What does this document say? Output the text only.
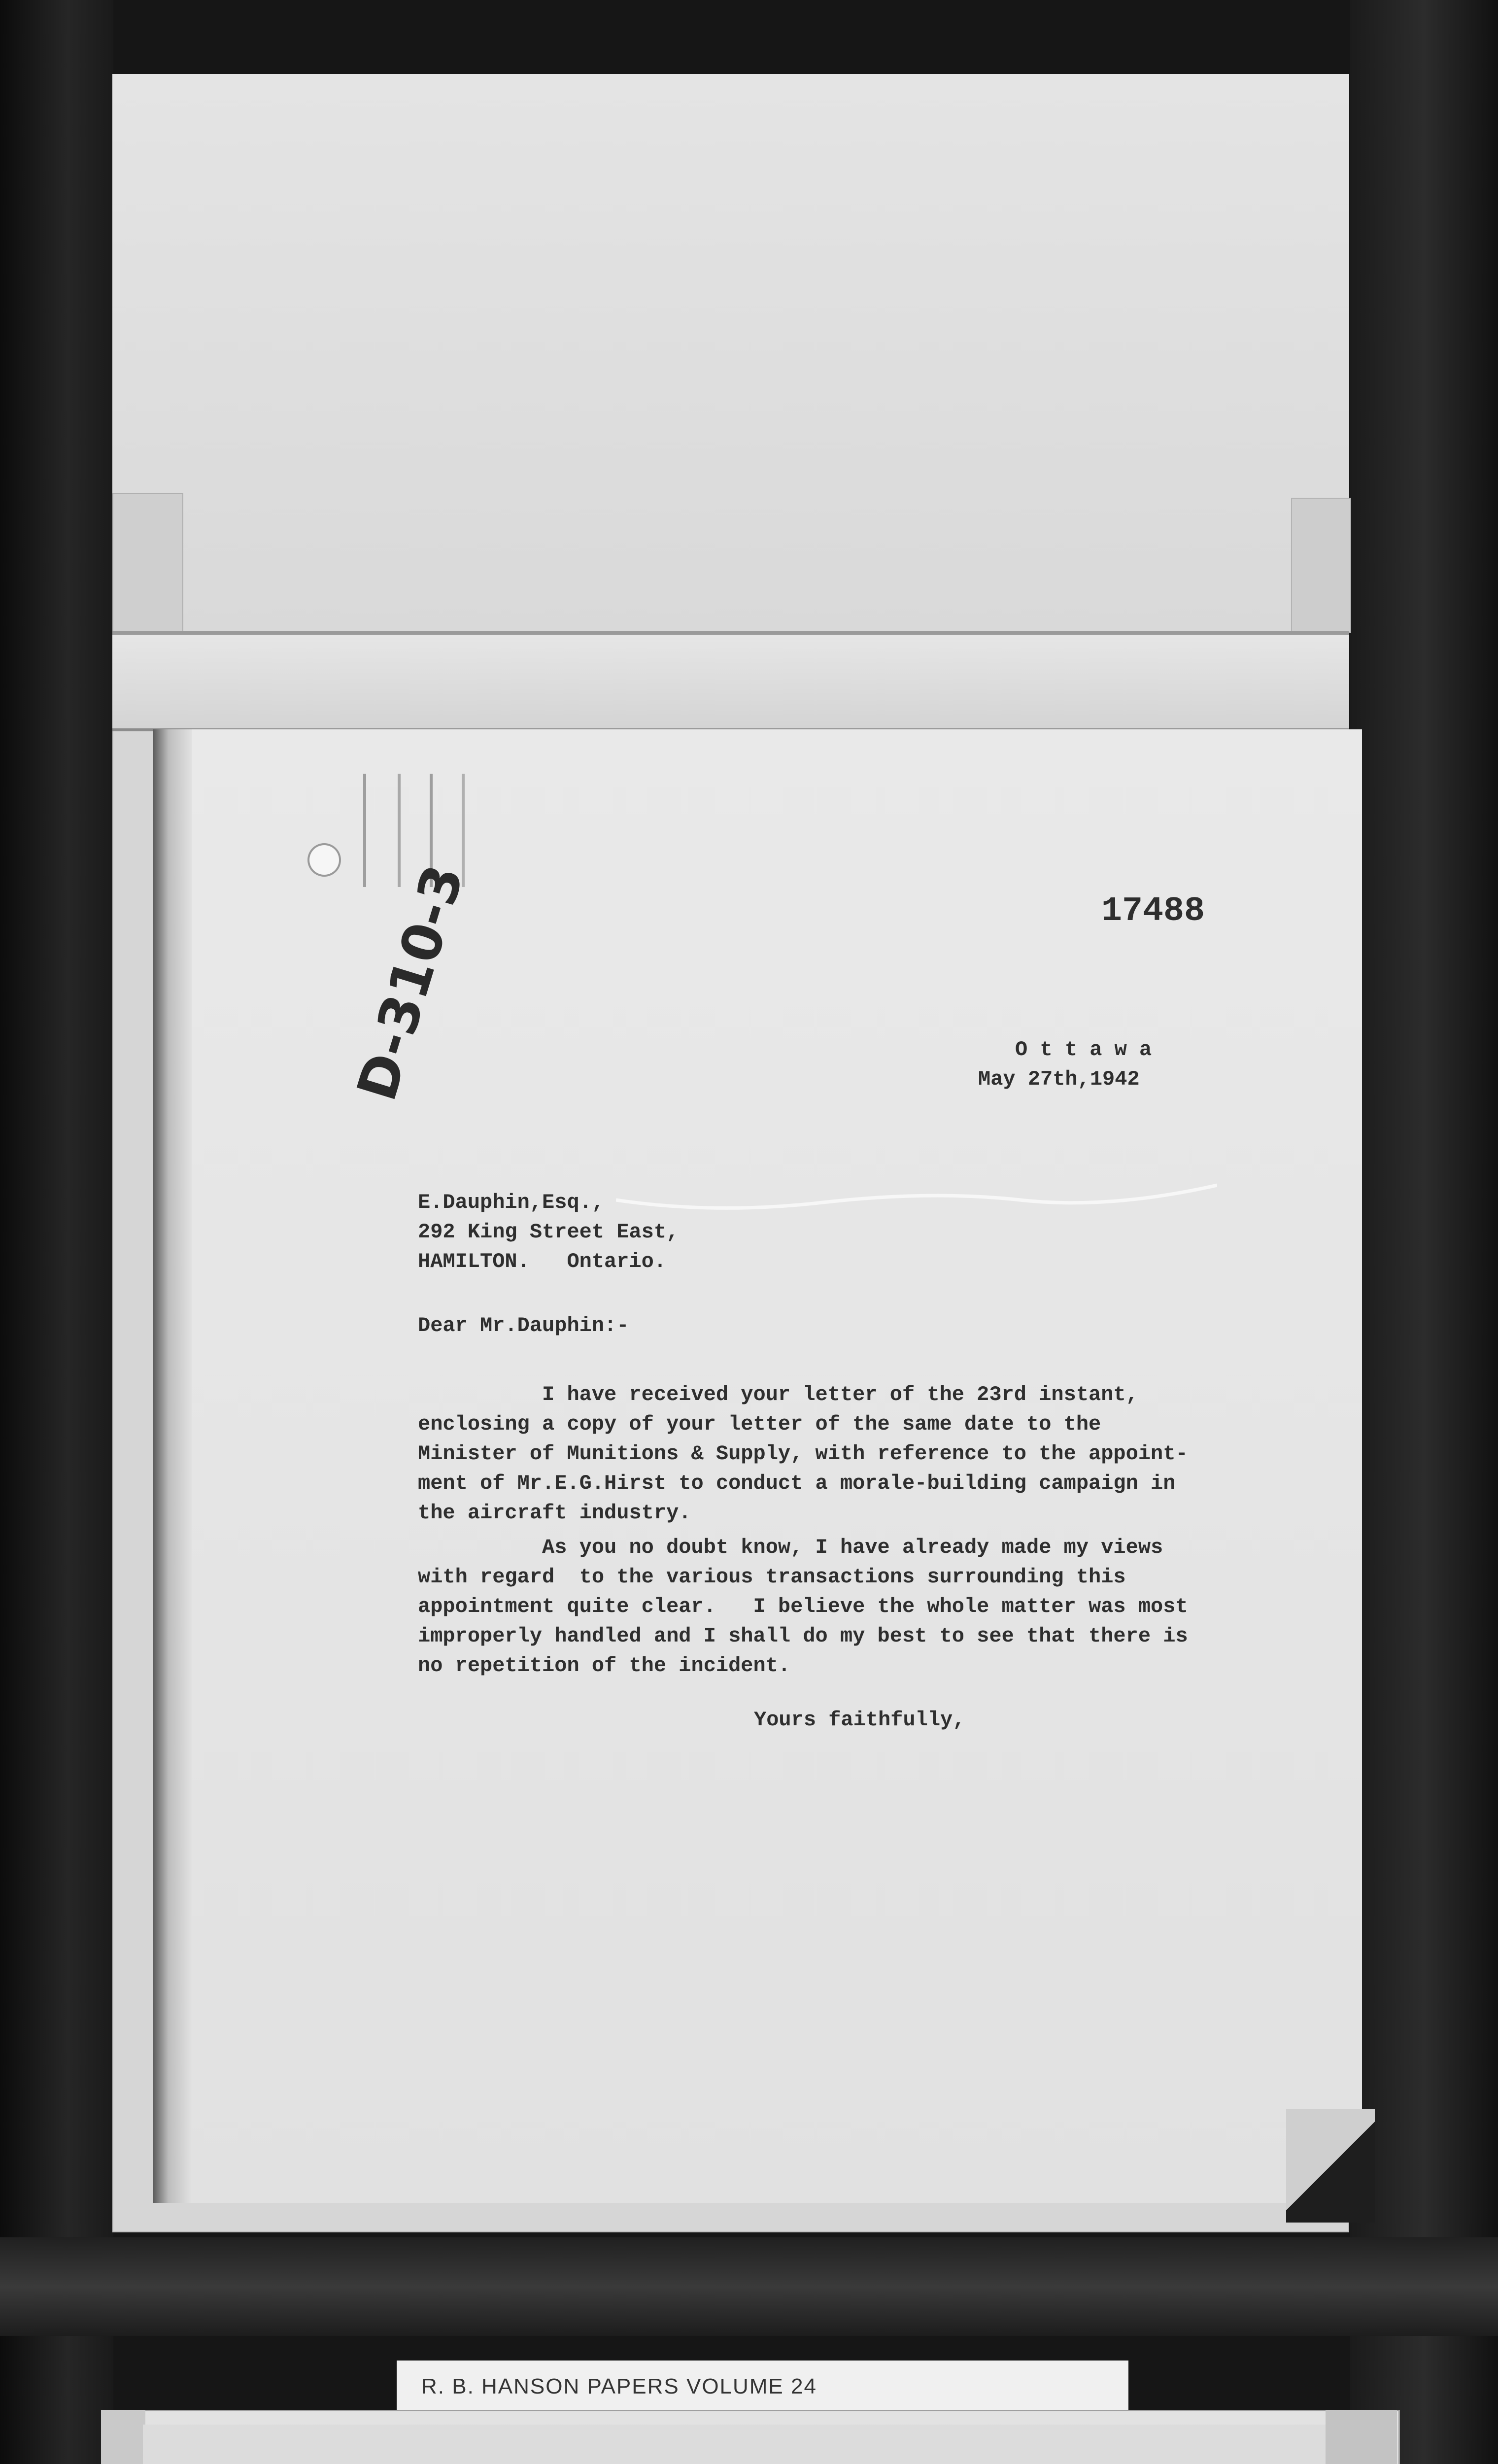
D-310-3	17488
O t t a w a
May 27th,1942
E.Dauphin,Esq.,
292 King Street East,
HAMILTON.   Ontario.
Dear Mr.Dauphin:-
I have received your letter of the 23rd instant,
enclosing a copy of your letter of the same date to the
Minister of Munitions & Supply, with reference to the appoint-
ment of Mr.E.G.Hirst to conduct a morale-building campaign in
the aircraft industry.
As you no doubt know, I have already made my views
with regard  to the various transactions surrounding this
appointment quite clear.   I believe the whole matter was most
improperly handled and I shall do my best to see that there is
no repetition of the incident.
Yours faithfully,
R. B. HANSON PAPERS VOLUME 24
